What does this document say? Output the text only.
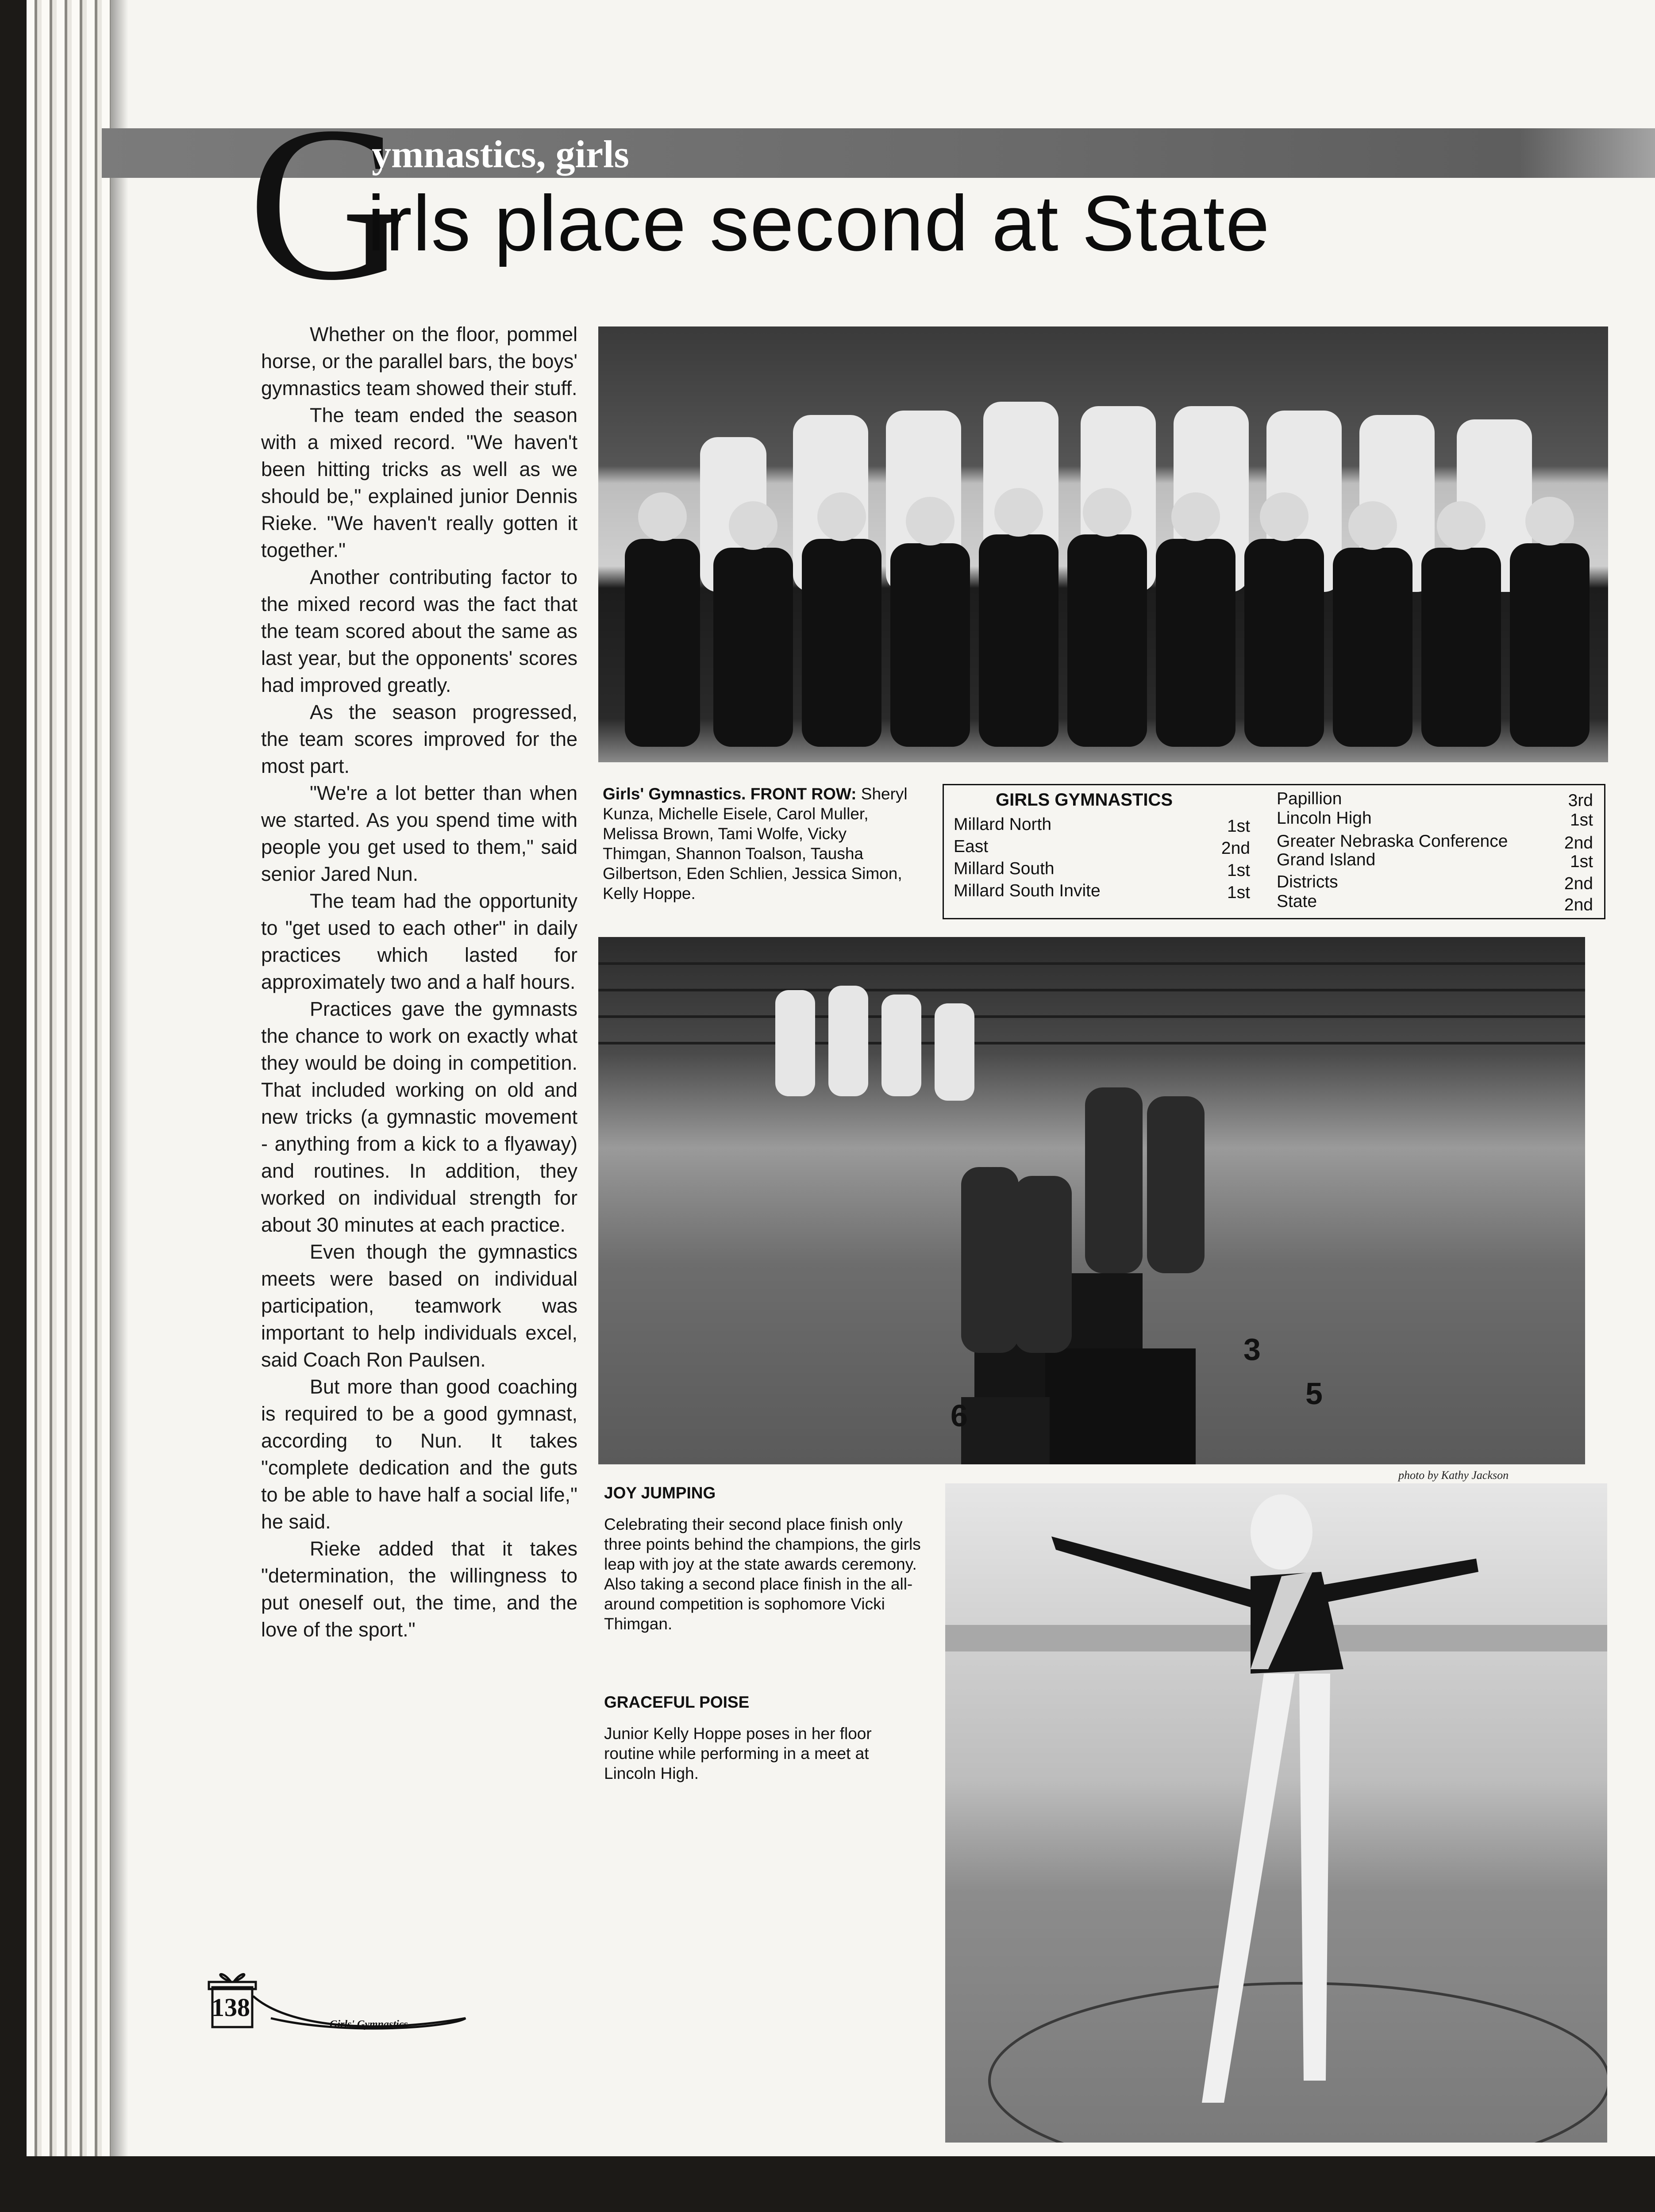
G
ymnastics, girls
irls place second at State

Whether on the floor, pommel horse, or the parallel bars, the boys' gymnastics team showed their stuff.

The team ended the season with a mixed record. "We haven't been hitting tricks as well as we should be," explained junior Dennis Rieke. "We haven't really gotten it together."

Another contributing factor to the mixed record was the fact that the team scored about the same as last year, but the opponents' scores had improved greatly.

As the season progressed, the team scores improved for the most part.

"We're a lot better than when we started. As you spend time with people you get used to them," said senior Jared Nun.

The team had the opportunity to "get used to each other" in daily practices which lasted for approximately two and a half hours.

Practices gave the gymnasts the chance to work on exactly what they would be doing in competition. That included working on old and new tricks (a gymnastic movement - anything from a kick to a flyaway) and routines. In addition, they worked on individual strength for about 30 minutes at each practice.

Even though the gymnastics meets were based on individual participation, teamwork was important to help individuals excel, said Coach Ron Paulsen.

But more than good coaching is required to be a good gymnast, according to Nun. It takes "complete dedication and the guts to be able to have half a social life," he said.

Rieke added that it takes "determination, the willingness to put oneself out, the time, and the love of the sport."

Girls' Gymnastics. FRONT ROW: Sheryl Kunza, Michelle Eisele, Carol Muller, Melissa Brown, Tami Wolfe, Vicky Thimgan, Shannon Toalson, Tausha Gilbertson, Eden Schlien, Jessica Simon, Kelly Hoppe.
GIRLS GYMNASTICS
Millard North	1st
East	2nd
Millard South	1st
Millard South Invite	1st
Papillion	3rd
Lincoln High	1st
Greater Nebraska Conference	2nd
Grand Island	1st
Districts	2nd
State	2nd
3
5
6
photo by Kathy Jackson
JOY JUMPING
Celebrating their second place finish only three points behind the champions, the girls leap with joy at the state awards ceremony. Also taking a second place finish in the all-around competition is sophomore Vicki Thimgan.
GRACEFUL POISE
Junior Kelly Hoppe poses in her floor routine while performing in a meet at Lincoln High.
138
Girls' Gymnastics
